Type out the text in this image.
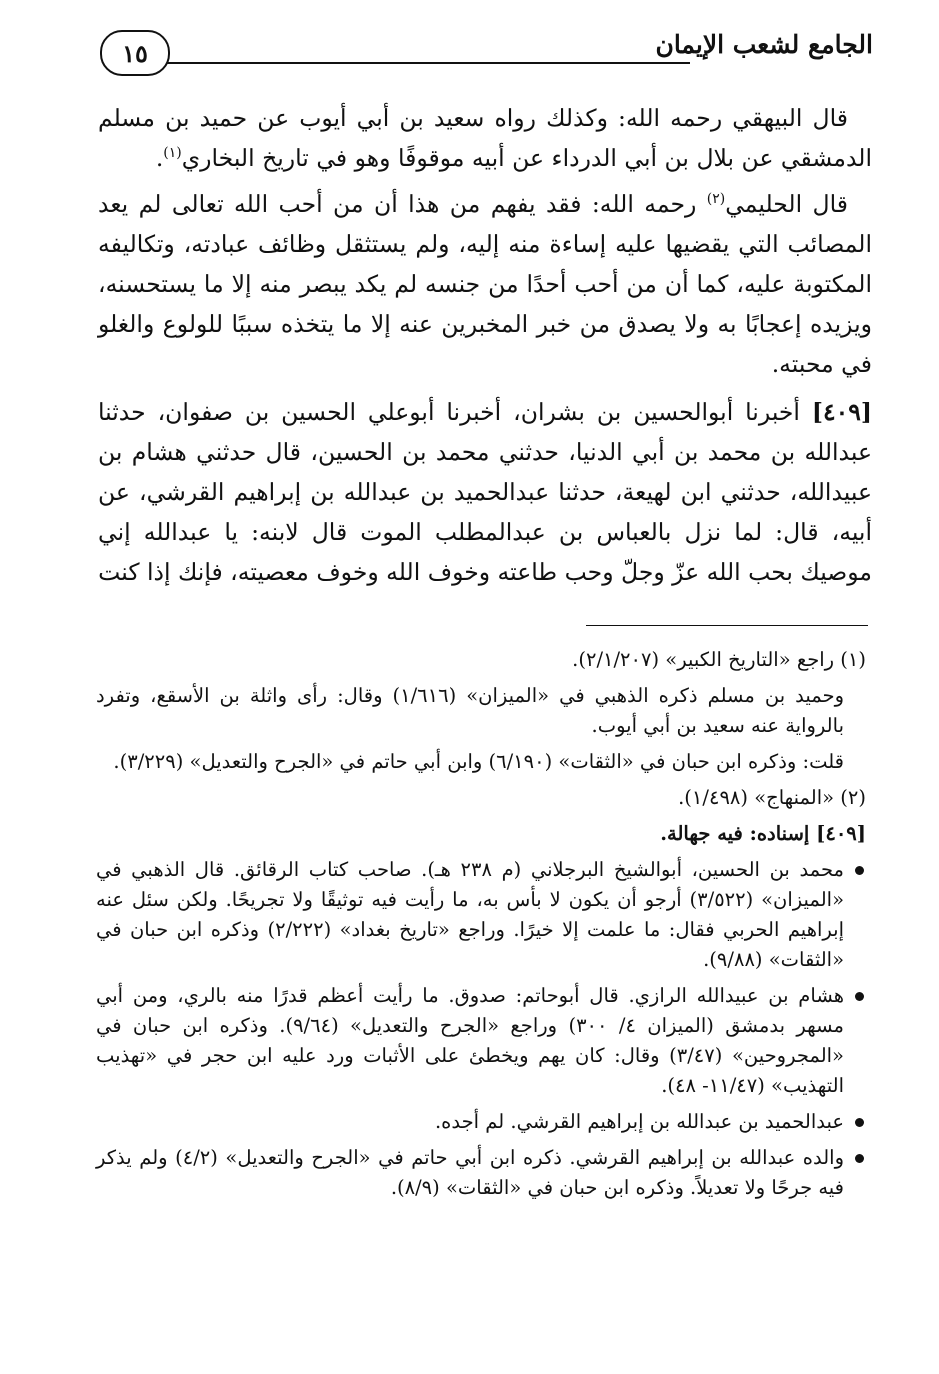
الجامع لشعب الإيمان
١٥

قال البيهقي رحمه الله: وكذلك رواه سعيد بن أبي أيوب عن حميد بن مسلم الدمشقي عن بلال بن أبي الدرداء عن أبيه موقوفًا وهو في تاريخ البخاري$^{(١)}$.

قال الحليمي$^{(٢)}$ رحمه الله: فقد يفهم من هذا أن من أحب الله تعالى لم يعد المصائب التي يقضيها عليه إساءة منه إليه، ولم يستثقل وظائف عبادته، وتكاليفه المكتوبة عليه، كما أن من أحب أحدًا من جنسه لم يكد يبصر منه إلا ما يستحسنه، ويزيده إعجابًا به ولا يصدق من خبر المخبرين عنه إلا ما يتخذه سببًا للولوع والغلو في محبته.

[٤٠٩] أخبرنا أبوالحسين بن بشران، أخبرنا أبوعلي الحسين بن صفوان، حدثنا عبدالله بن محمد بن أبي الدنيا، حدثني محمد بن الحسين، قال حدثني هشام بن عبيدالله، حدثني ابن لهيعة، حدثنا عبدالحميد بن عبدالله بن إبراهيم القرشي، عن أبيه، قال: لما نزل بالعباس بن عبدالمطلب الموت قال لابنه: يا عبدالله إني موصيك بحب الله عزّ وجلّ وحب طاعته وخوف الله وخوف معصيته، فإنك إذا كنت

(١) راجع «التاريخ الكبير» (٢/١/٢٠٧).

وحميد بن مسلم ذكره الذهبي في «الميزان» (١/٦١٦) وقال: رأى واثلة بن الأسقع، وتفرد بالرواية عنه سعيد بن أبي أيوب.

قلت: وذكره ابن حبان في «الثقات» (٦/١٩٠) وابن أبي حاتم في «الجرح والتعديل» (٣/٢٢٩).

(٢) «المنهاج» (١/٤٩٨).

[٤٠٩] إسناده: فيه جهالة.

محمد بن الحسين، أبوالشيخ البرجلاني (م ٢٣٨ هـ). صاحب كتاب الرقائق. قال الذهبي في «الميزان» (٣/٥٢٢) أرجو أن يكون لا بأس به، ما رأيت فيه توثيقًا ولا تجريحًا. ولكن سئل عنه إبراهيم الحربي فقال: ما علمت إلا خيرًا. وراجع «تاريخ بغداد» (٢/٢٢٢) وذكره ابن حبان في «الثقات» (٩/٨٨).
هشام بن عبيدالله الرازي. قال أبوحاتم: صدوق. ما رأيت أعظم قدرًا منه بالري، ومن أبي مسهر بدمشق (الميزان ٤/ ٣٠٠) وراجع «الجرح والتعديل» (٩/٦٤). وذكره ابن حبان في «المجروحين» (٣/٤٧) وقال: كان يهم ويخطئ على الأثبات ورد عليه ابن حجر في «تهذيب التهذيب» (١١/٤٧- ٤٨).
عبدالحميد بن عبدالله بن إبراهيم القرشي. لم أجده.
والده عبدالله بن إبراهيم القرشي. ذكره ابن أبي حاتم في «الجرح والتعديل» (٤/٢) ولم يذكر فيه جرحًا ولا تعديلاً. وذكره ابن حبان في «الثقات» (٨/٩).
